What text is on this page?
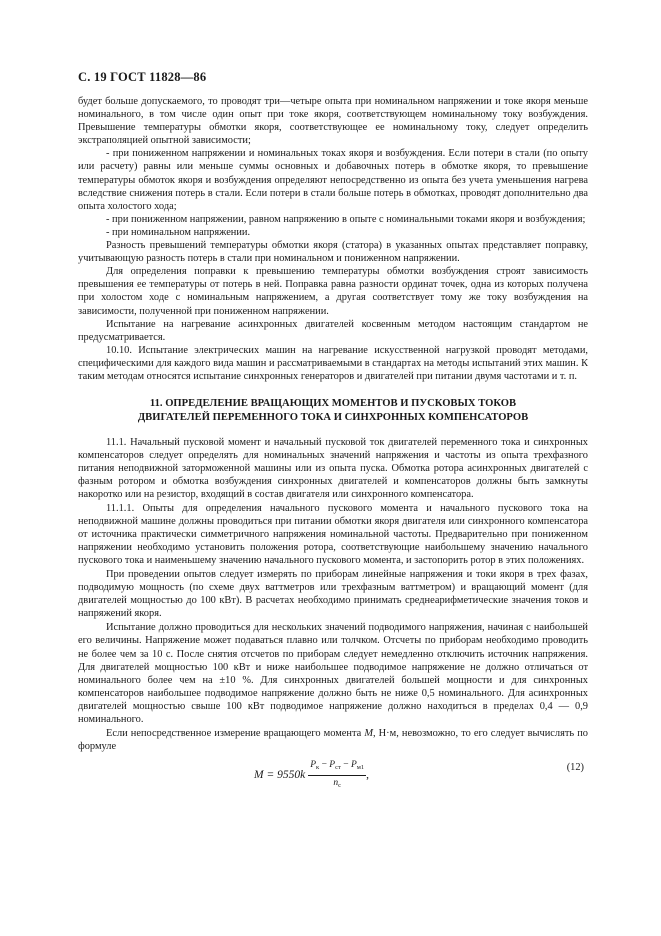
С. 19 ГОСТ 11828—86

будет больше допускаемого, то проводят три—четыре опыта при номинальном напряжении и токе якоря меньше номинального, в том числе один опыт при токе якоря, соответствующем номинальному току возбуждения. Превышение температуры обмотки якоря, соответствующее ее номинальному току, следует определить экстраполяцией опытной зависимости;

- при пониженном напряжении и номинальных токах якоря и возбуждения. Если потери в стали (по опыту или расчету) равны или меньше суммы основных и добавочных потерь в обмотке якоря, то превышение температуры обмоток якоря и возбуждения определяют непосредственно из опыта без учета уменьшения нагрева вследствие снижения потерь в стали. Если потери в стали больше потерь в обмотках, проводят дополнительно два опыта холостого хода;

- при пониженном напряжении, равном напряжению в опыте с номинальными токами якоря и возбуждения;

- при номинальном напряжении.

Разность превышений температуры обмотки якоря (статора) в указанных опытах представляет поправку, учитывающую разность потерь в стали при номинальном и пониженном напряжении.

Для определения поправки к превышению температуры обмотки возбуждения строят зависимость превышения ее температуры от потерь в ней. Поправка равна разности ординат точек, одна из которых получена при холостом ходе с номинальным напряжением, а другая соответствует тому же току возбуждения на зависимости, полученной при пониженном напряжении.

Испытание на нагревание асинхронных двигателей косвенным методом настоящим стандартом не предусматривается.

10.10. Испытание электрических машин на нагревание искусственной нагрузкой проводят методами, специфическими для каждого вида машин и рассматриваемыми в стандартах на методы испытаний этих машин. К таким методам относятся испытание синхронных генераторов и двигателей при питании двумя частотами и т. п.

11. ОПРЕДЕЛЕНИЕ ВРАЩАЮЩИХ МОМЕНТОВ И ПУСКОВЫХ ТОКОВ
ДВИГАТЕЛЕЙ ПЕРЕМЕННОГО ТОКА И СИНХРОННЫХ КОМПЕНСАТОРОВ

11.1. Начальный пусковой момент и начальный пусковой ток двигателей переменного тока и синхронных компенсаторов следует определять для номинальных значений напряжения и частоты из опыта трехфазного питания неподвижной заторможенной машины или из опыта пуска. Обмотка ротора асинхронных двигателей с фазным ротором и обмотка возбуждения синхронных двигателей и компенсаторов должны быть замкнуты накоротко или на резистор, входящий в состав двигателя или синхронного компенсатора.

11.1.1. Опыты для определения начального пускового момента и начального пускового тока на неподвижной машине должны проводиться при питании обмотки якоря двигателя или синхронного компенсатора от источника практически симметричного напряжения номинальной частоты. Предварительно при пониженном напряжении необходимо установить положения ротора, соответствующие наибольшему значению начального пускового тока и наименьшему значению начального пускового момента, и застопорить ротор в этих положениях.

При проведении опытов следует измерять по приборам линейные напряжения и токи якоря в трех фазах, подводимую мощность (по схеме двух ваттметров или трехфазным ваттметром) и вращающий момент (для двигателей мощностью до 100 кВт). В расчетах необходимо принимать среднеарифметические значения токов и напряжений якоря.

Испытание должно проводиться для нескольких значений подводимого напряжения, начиная с наибольшей его величины. Напряжение может подаваться плавно или толчком. Отсчеты по приборам необходимо проводить не более чем за 10 с. После снятия отсчетов по приборам следует немедленно отключить источник напряжения. Для двигателей мощностью 100 кВт и ниже наибольшее подводимое напряжение не должно отличаться от номинального более чем на ±10 %. Для синхронных двигателей большей мощности и для синхронных компенсаторов наибольшее подводимое напряжение должно быть не ниже 0,5 номинального. Для асинхронных двигателей мощностью свыше 100 кВт подводимое напряжение должно находиться в пределах 0,4 — 0,9 номинального.

Если непосредственное измерение вращающего момента M, Н·м, невозможно, то его следует вычислять по формуле

$M = 9550k \frac{P_к - P_{ст} - P_{м1}}{n_с}$ ,
(12)
